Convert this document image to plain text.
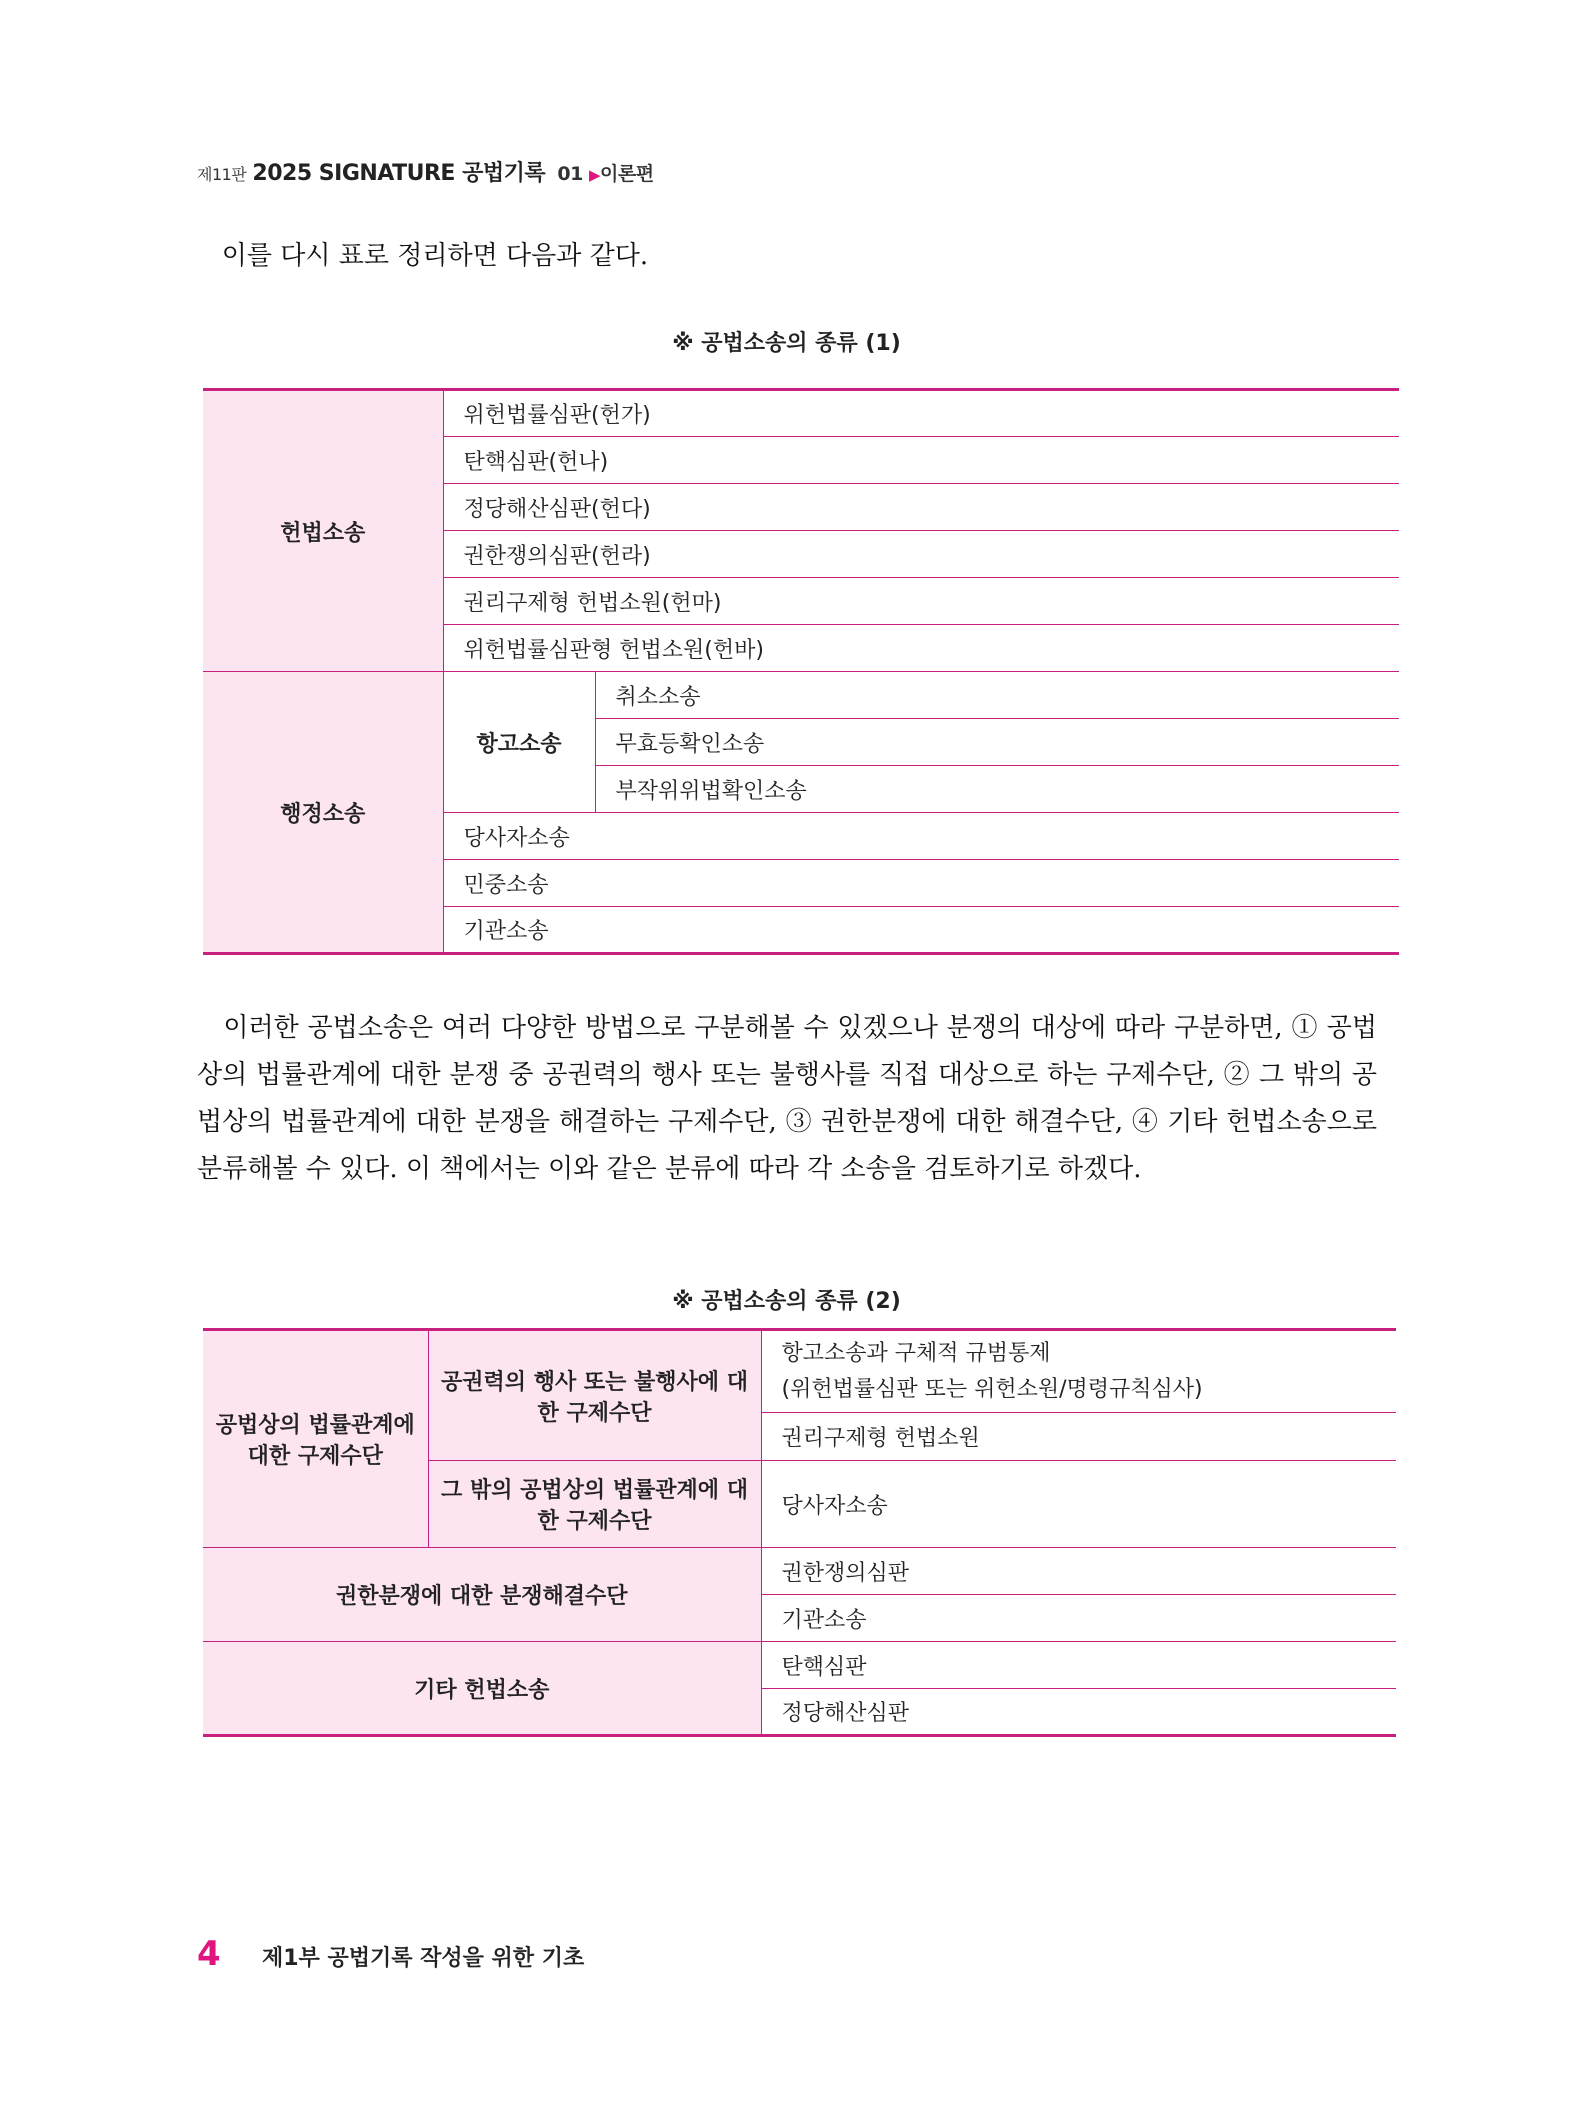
제11판 2025 SIGNATURE 공법기록 01 ▶이론편
이를 다시 표로 정리하면 다음과 같다.
※ 공법소송의 종류 (1)
헌법소송	위헌법률심판(헌가)	
	탄핵심판(헌나)	
	정당해산심판(헌다)	
	권한쟁의심판(헌라)	
	권리구제형 헌법소원(헌마)	
	위헌법률심판형 헌법소원(헌바)	
행정소송	항고소송	취소소송
		무효등확인소송
		부작위위법확인소송
	당사자소송	
	민중소송	
	기관소송	
이러한 공법소송은 여러 다양한 방법으로 구분해볼 수 있겠으나 분쟁의 대상에 따라 구분하면, ① 공법상의 법률관계에 대한 분쟁 중 공권력의 행사 또는 불행사를 직접 대상으로 하는 구제수단, ② 그 밖의 공법상의 법률관계에 대한 분쟁을 해결하는 구제수단, ③ 권한분쟁에 대한 해결수단, ④ 기타 헌법소송으로 분류해볼 수 있다. 이 책에서는 이와 같은 분류에 따라 각 소송을 검토하기로 하겠다.
※ 공법소송의 종류 (2)
공법상의 법률관계에 대한 구제수단	공권력의 행사 또는 불행사에 대한 구제수단	항고소송과 구체적 규범통제
(위헌법률심판 또는 위헌소원/명령규칙심사)

		권리구제형 헌법소원
	그 밖의 공법상의 법률관계에 대한 구제수단	당사자소송
권한분쟁에 대한 분쟁해결수단		권한쟁의심판
		기관소송
기타 헌법소송		탄핵심판
		정당해산심판
4 제1부 공법기록 작성을 위한 기초
